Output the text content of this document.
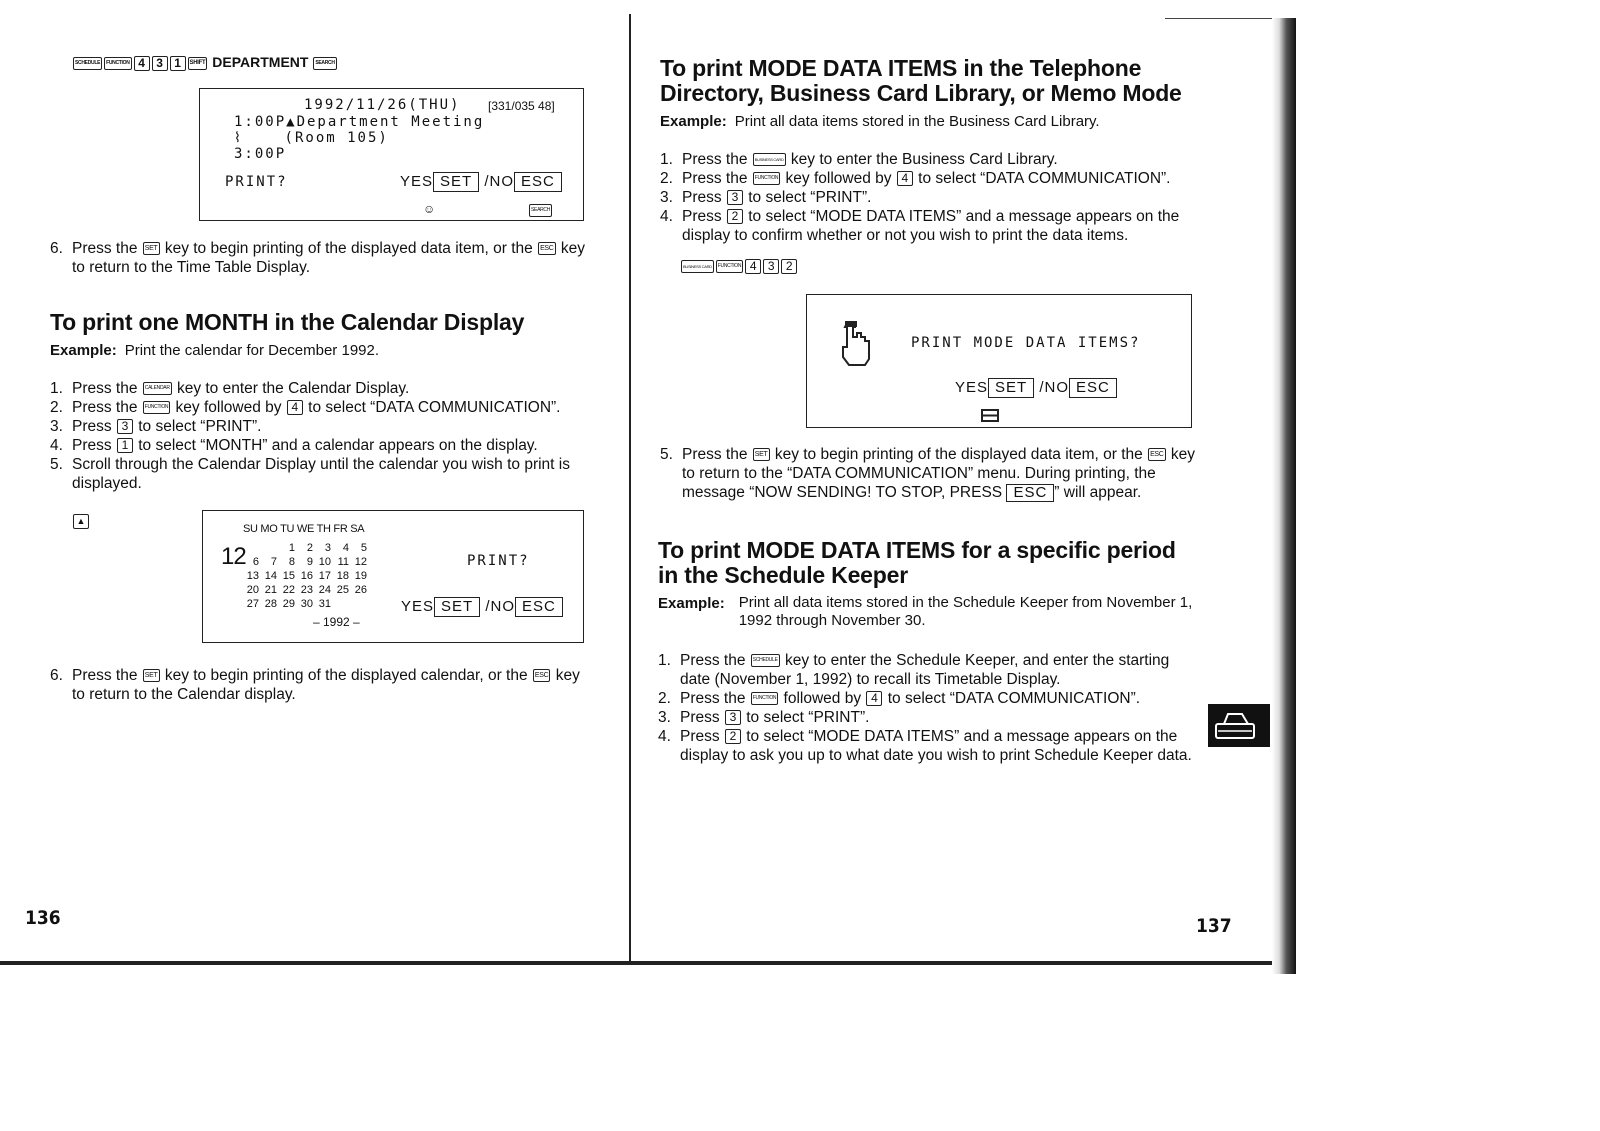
SCHEDULE FUNCTION 4 3 1 SHIFT DEPARTMENT SEARCH
1992/11/26(THU) [331/035 48]
1:00P▲Department Meeting
⌇    (Room 105)
3:00P
PRINT?	YES SET /NO ESC
☺	SEARCH
6. Press the SET key to begin printing of the displayed data item, or the ESC key to return to the Time Table Display.
To print one MONTH in the Calendar Display
Example: Print the calendar for December 1992.
1. Press the CALENDAR key to enter the Calendar Display.
2. Press the FUNCTION key followed by 4 to select “DATA COMMUNICATION”.
3. Press 3 to select “PRINT”.
4. Press 1 to select “MONTH” and a calendar appears on the display.
5. Scroll through the Calendar Display until the calendar you wish to print is displayed.
▲
SU MO TU WE TH FR SA
12
			1	2	3	4	5
6	7	8	9	10	11	12
13	14	15	16	17	18	19
20	21	22	23	24	25	26
27	28	29	30	31		
– 1992 –
PRINT?
YES SET /NO ESC
6. Press the SET key to begin printing of the displayed calendar, or the ESC key to return to the Calendar display.
136
To print MODE DATA ITEMS in the Telephone
Directory, Business Card Library, or Memo Mode
Example: Print all data items stored in the Business Card Library.
1. Press the BUSINESS CARD key to enter the Business Card Library.
2. Press the FUNCTION key followed by 4 to select “DATA COMMUNICATION”.
3. Press 3 to select “PRINT”.
4. Press 2 to select “MODE DATA ITEMS” and a message appears on the display to confirm whether or not you wish to print the data items.
BUSINESS CARD FUNCTION 4 3 2
PRINT MODE DATA ITEMS?
YES SET /NO ESC
5. Press the SET key to begin printing of the displayed data item, or the ESC key to return to the “DATA COMMUNICATION” menu. During printing, the message “NOW SENDING! TO STOP, PRESS ESC ” will appear.
To print MODE DATA ITEMS for a specific period
in the Schedule Keeper
Example:	Print all data items stored in the Schedule Keeper from November 1, 1992 through November 30.
1. Press the SCHEDULE key to enter the Schedule Keeper, and enter the starting date (November 1, 1992) to recall its Timetable Display.
2. Press the FUNCTION followed by 4 to select “DATA COMMUNICATION”.
3. Press 3 to select “PRINT”.
4. Press 2 to select “MODE DATA ITEMS” and a message appears on the display to ask you up to what date you wish to print Schedule Keeper data.
137
